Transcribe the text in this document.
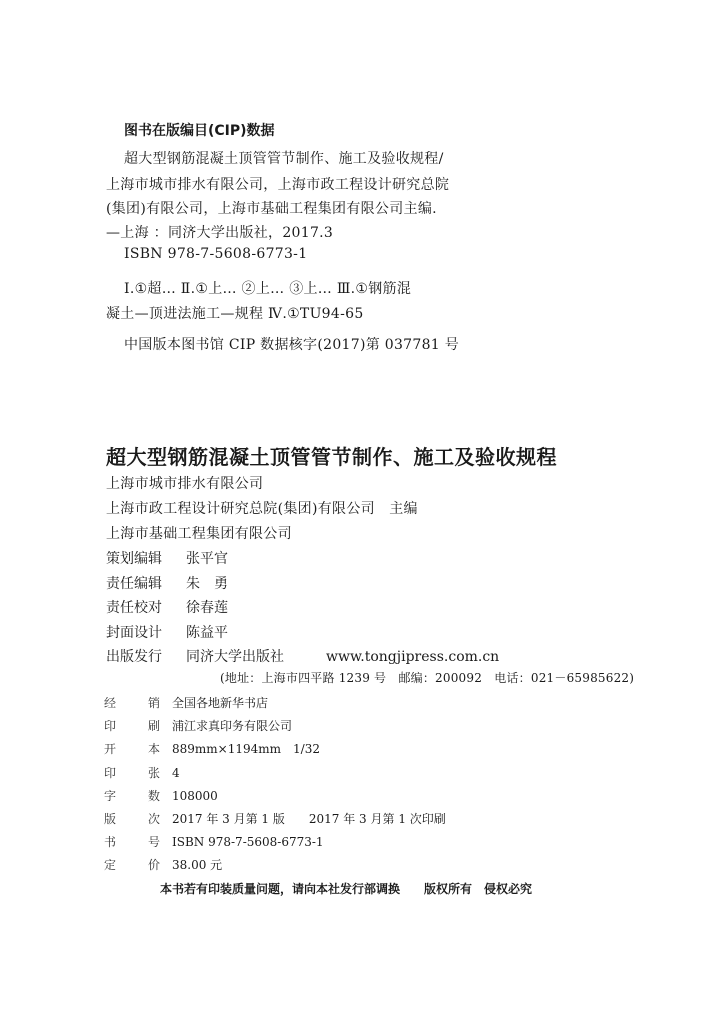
图书在版编目(CIP)数据
超大型钢筋混凝土顶管管节制作、施工及验收规程/
上海市城市排水有限公司，上海市政工程设计研究总院
(集团)有限公司，上海市基础工程集团有限公司主编.
—上海 ：同济大学出版社，2017.3
ISBN 978-7-5608-6773-1
Ⅰ.①超… Ⅱ.①上… ②上… ③上… Ⅲ.①钢筋混
凝土—顶进法施工—规程 Ⅳ.①TU94-65
中国版本图书馆 CIP 数据核字(2017)第 037781 号
超大型钢筋混凝土顶管管节制作、施工及验收规程
上海市城市排水有限公司
上海市政工程设计研究总院(集团)有限公司　主编
上海市基础工程集团有限公司
策划编辑	张平官
责任编辑	朱　勇
责任校对	徐春莲
封面设计	陈益平
出版发行	同济大学出版社　　　www.tongjipress.com.cn
(地址：上海市四平路 1239 号　邮编：200092　电话：021－65985622)
经	销 全国各地新华书店
印	刷 浦江求真印务有限公司
开	本 889mm×1194mm　1/32
印	张 4
字	数 108000
版	次 2017 年 3 月第 1 版　　2017 年 3 月第 1 次印刷
书	号 ISBN 978-7-5608-6773-1
定	价 38.00 元
本书若有印装质量问题，请向本社发行部调换　　版权所有　侵权必究
